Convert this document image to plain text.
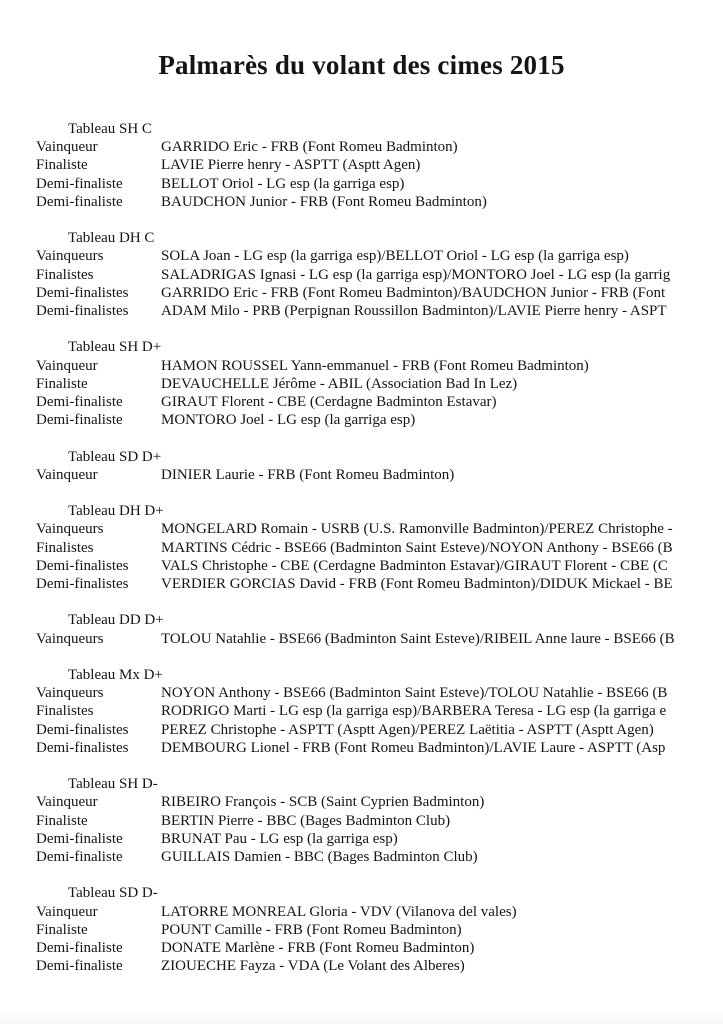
Palmarès du volant des cimes 2015
Tableau SH C
Vainqueur	GARRIDO Eric - FRB (Font Romeu Badminton)
Finaliste	LAVIE Pierre henry - ASPTT (Asptt Agen)
Demi-finaliste	BELLOT Oriol - LG esp (la garriga esp)
Demi-finaliste	BAUDCHON Junior - FRB (Font Romeu Badminton)
Tableau DH C
Vainqueurs	SOLA Joan - LG esp (la garriga esp)/BELLOT Oriol - LG esp (la garriga esp)
Finalistes	SALADRIGAS Ignasi - LG esp (la garriga esp)/MONTORO Joel - LG esp (la garrig
Demi-finalistes	GARRIDO Eric - FRB (Font Romeu Badminton)/BAUDCHON Junior - FRB (Font
Demi-finalistes	ADAM Milo - PRB (Perpignan Roussillon Badminton)/LAVIE Pierre henry - ASPT
Tableau SH D+
Vainqueur	HAMON ROUSSEL Yann-emmanuel - FRB (Font Romeu Badminton)
Finaliste	DEVAUCHELLE Jérôme - ABIL (Association Bad In Lez)
Demi-finaliste	GIRAUT Florent - CBE (Cerdagne Badminton Estavar)
Demi-finaliste	MONTORO Joel - LG esp (la garriga esp)
Tableau SD D+
Vainqueur	DINIER Laurie - FRB (Font Romeu Badminton)
Tableau DH D+
Vainqueurs	MONGELARD Romain - USRB (U.S. Ramonville Badminton)/PEREZ Christophe -
Finalistes	MARTINS Cédric - BSE66 (Badminton Saint Esteve)/NOYON Anthony - BSE66 (B
Demi-finalistes	VALS Christophe - CBE (Cerdagne Badminton Estavar)/GIRAUT Florent - CBE (C
Demi-finalistes	VERDIER GORCIAS David - FRB (Font Romeu Badminton)/DIDUK Mickael - BE
Tableau DD D+
Vainqueurs	TOLOU Natahlie - BSE66 (Badminton Saint Esteve)/RIBEIL Anne laure - BSE66 (B
Tableau Mx D+
Vainqueurs	NOYON Anthony - BSE66 (Badminton Saint Esteve)/TOLOU Natahlie - BSE66 (B
Finalistes	RODRIGO Marti - LG esp (la garriga esp)/BARBERA Teresa - LG esp (la garriga e
Demi-finalistes	PEREZ Christophe - ASPTT (Asptt Agen)/PEREZ Laëtitia - ASPTT (Asptt Agen)
Demi-finalistes	DEMBOURG Lionel - FRB (Font Romeu Badminton)/LAVIE Laure - ASPTT (Asp
Tableau SH D-
Vainqueur	RIBEIRO François - SCB (Saint Cyprien Badminton)
Finaliste	BERTIN Pierre - BBC (Bages Badminton Club)
Demi-finaliste	BRUNAT Pau - LG esp (la garriga esp)
Demi-finaliste	GUILLAIS Damien - BBC (Bages Badminton Club)
Tableau SD D-
Vainqueur	LATORRE MONREAL Gloria - VDV (Vilanova del vales)
Finaliste	POUNT Camille - FRB (Font Romeu Badminton)
Demi-finaliste	DONATE Marlène - FRB (Font Romeu Badminton)
Demi-finaliste	ZIOUECHE Fayza - VDA (Le Volant des Alberes)
